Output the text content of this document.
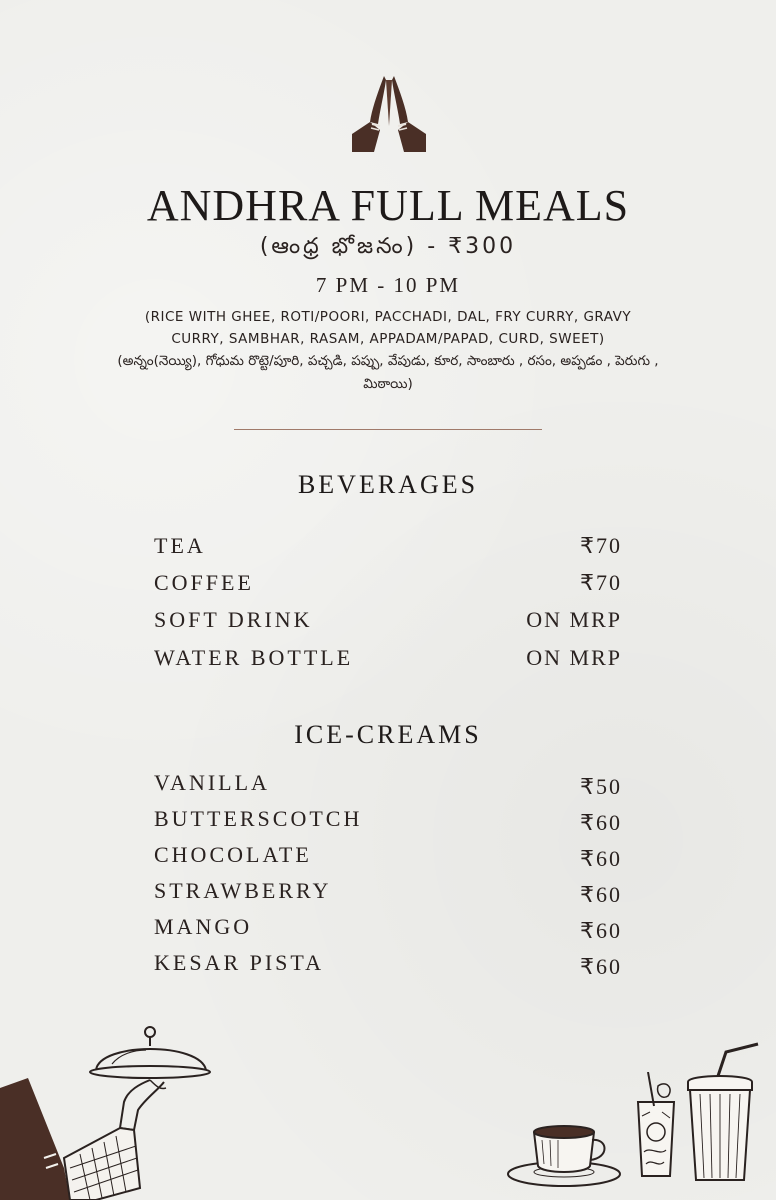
ANDHRA FULL MEALS
(ఆంధ్ర భోజనం) - ₹300
7 PM - 10 PM
(RICE WITH GHEE, ROTI/POORI, PACCHADI, DAL, FRY CURRY, GRAVY CURRY, SAMBHAR, RASAM, APPADAM/PAPAD, CURD, SWEET)
(అన్నం(నెయ్యి), గోధుమ రొట్టె/పూరి, పచ్చడి, పప్పు, వేపుడు, కూర, సాంబారు , రసం, అప్పడం , పెరుగు , మిఠాయి)
BEVERAGES
TEA	₹70
COFFEE	₹70
SOFT DRINK	ON MRP
WATER BOTTLE	ON MRP
ICE-CREAMS
VANILLA	₹50
BUTTERSCOTCH	₹60
CHOCOLATE	₹60
STRAWBERRY	₹60
MANGO	₹60
KESAR PISTA	₹60
